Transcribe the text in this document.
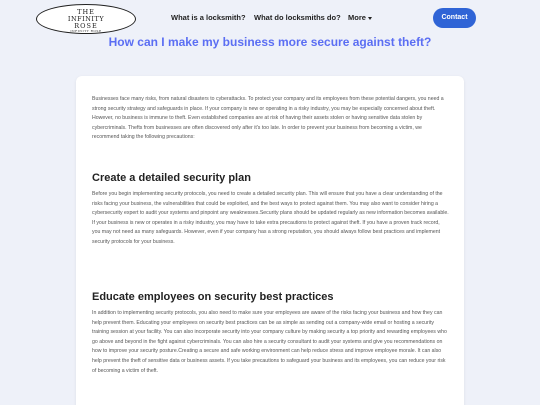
THE
INFINITY
ROSE
INFINITY ROSE
What is a locksmith? What do locksmiths do? More	Contact
How can I make my business more secure against theft?

Businesses face many risks, from natural disasters to cyberattacks. To protect your company and its employees from these potential dangers, you need a strong security strategy and safeguards in place. If your company is new or operating in a risky industry, you may be especially concerned about theft. However, no business is immune to theft. Even established companies are at risk of having their assets stolen or having sensitive data stolen by cybercriminals. Thefts from businesses are often discovered only after it's too late. In order to prevent your business from becoming a victim, we recommend taking the following precautions:

Create a detailed security plan

Before you begin implementing security protocols, you need to create a detailed security plan. This will ensure that you have a clear understanding of the risks facing your business, the vulnerabilities that could be exploited, and the best ways to protect against them. You may also want to consider hiring a cybersecurity expert to audit your systems and pinpoint any weaknesses.Security plans should be updated regularly as new information becomes available. If your business is new or operates in a risky industry, you may have to take extra precautions to protect against theft. If you have a proven track record, you may not need as many safeguards. However, even if your company has a strong reputation, you should always follow best practices and implement security protocols for your business.

Educate employees on security best practices

In addition to implementing security protocols, you also need to make sure your employees are aware of the risks facing your business and how they can help prevent them. Educating your employees on security best practices can be as simple as sending out a company-wide email or hosting a security training session at your facility. You can also incorporate security into your company culture by making security a top priority and rewarding employees who go above and beyond in the fight against cybercriminals. You can also hire a security consultant to audit your systems and give you recommendations on how to improve your security posture.Creating a secure and safe working environment can help reduce stress and improve employee morale. It can also help prevent the theft of sensitive data or business assets. If you take precautions to safeguard your business and its employees, you can reduce your risk of becoming a victim of theft.
